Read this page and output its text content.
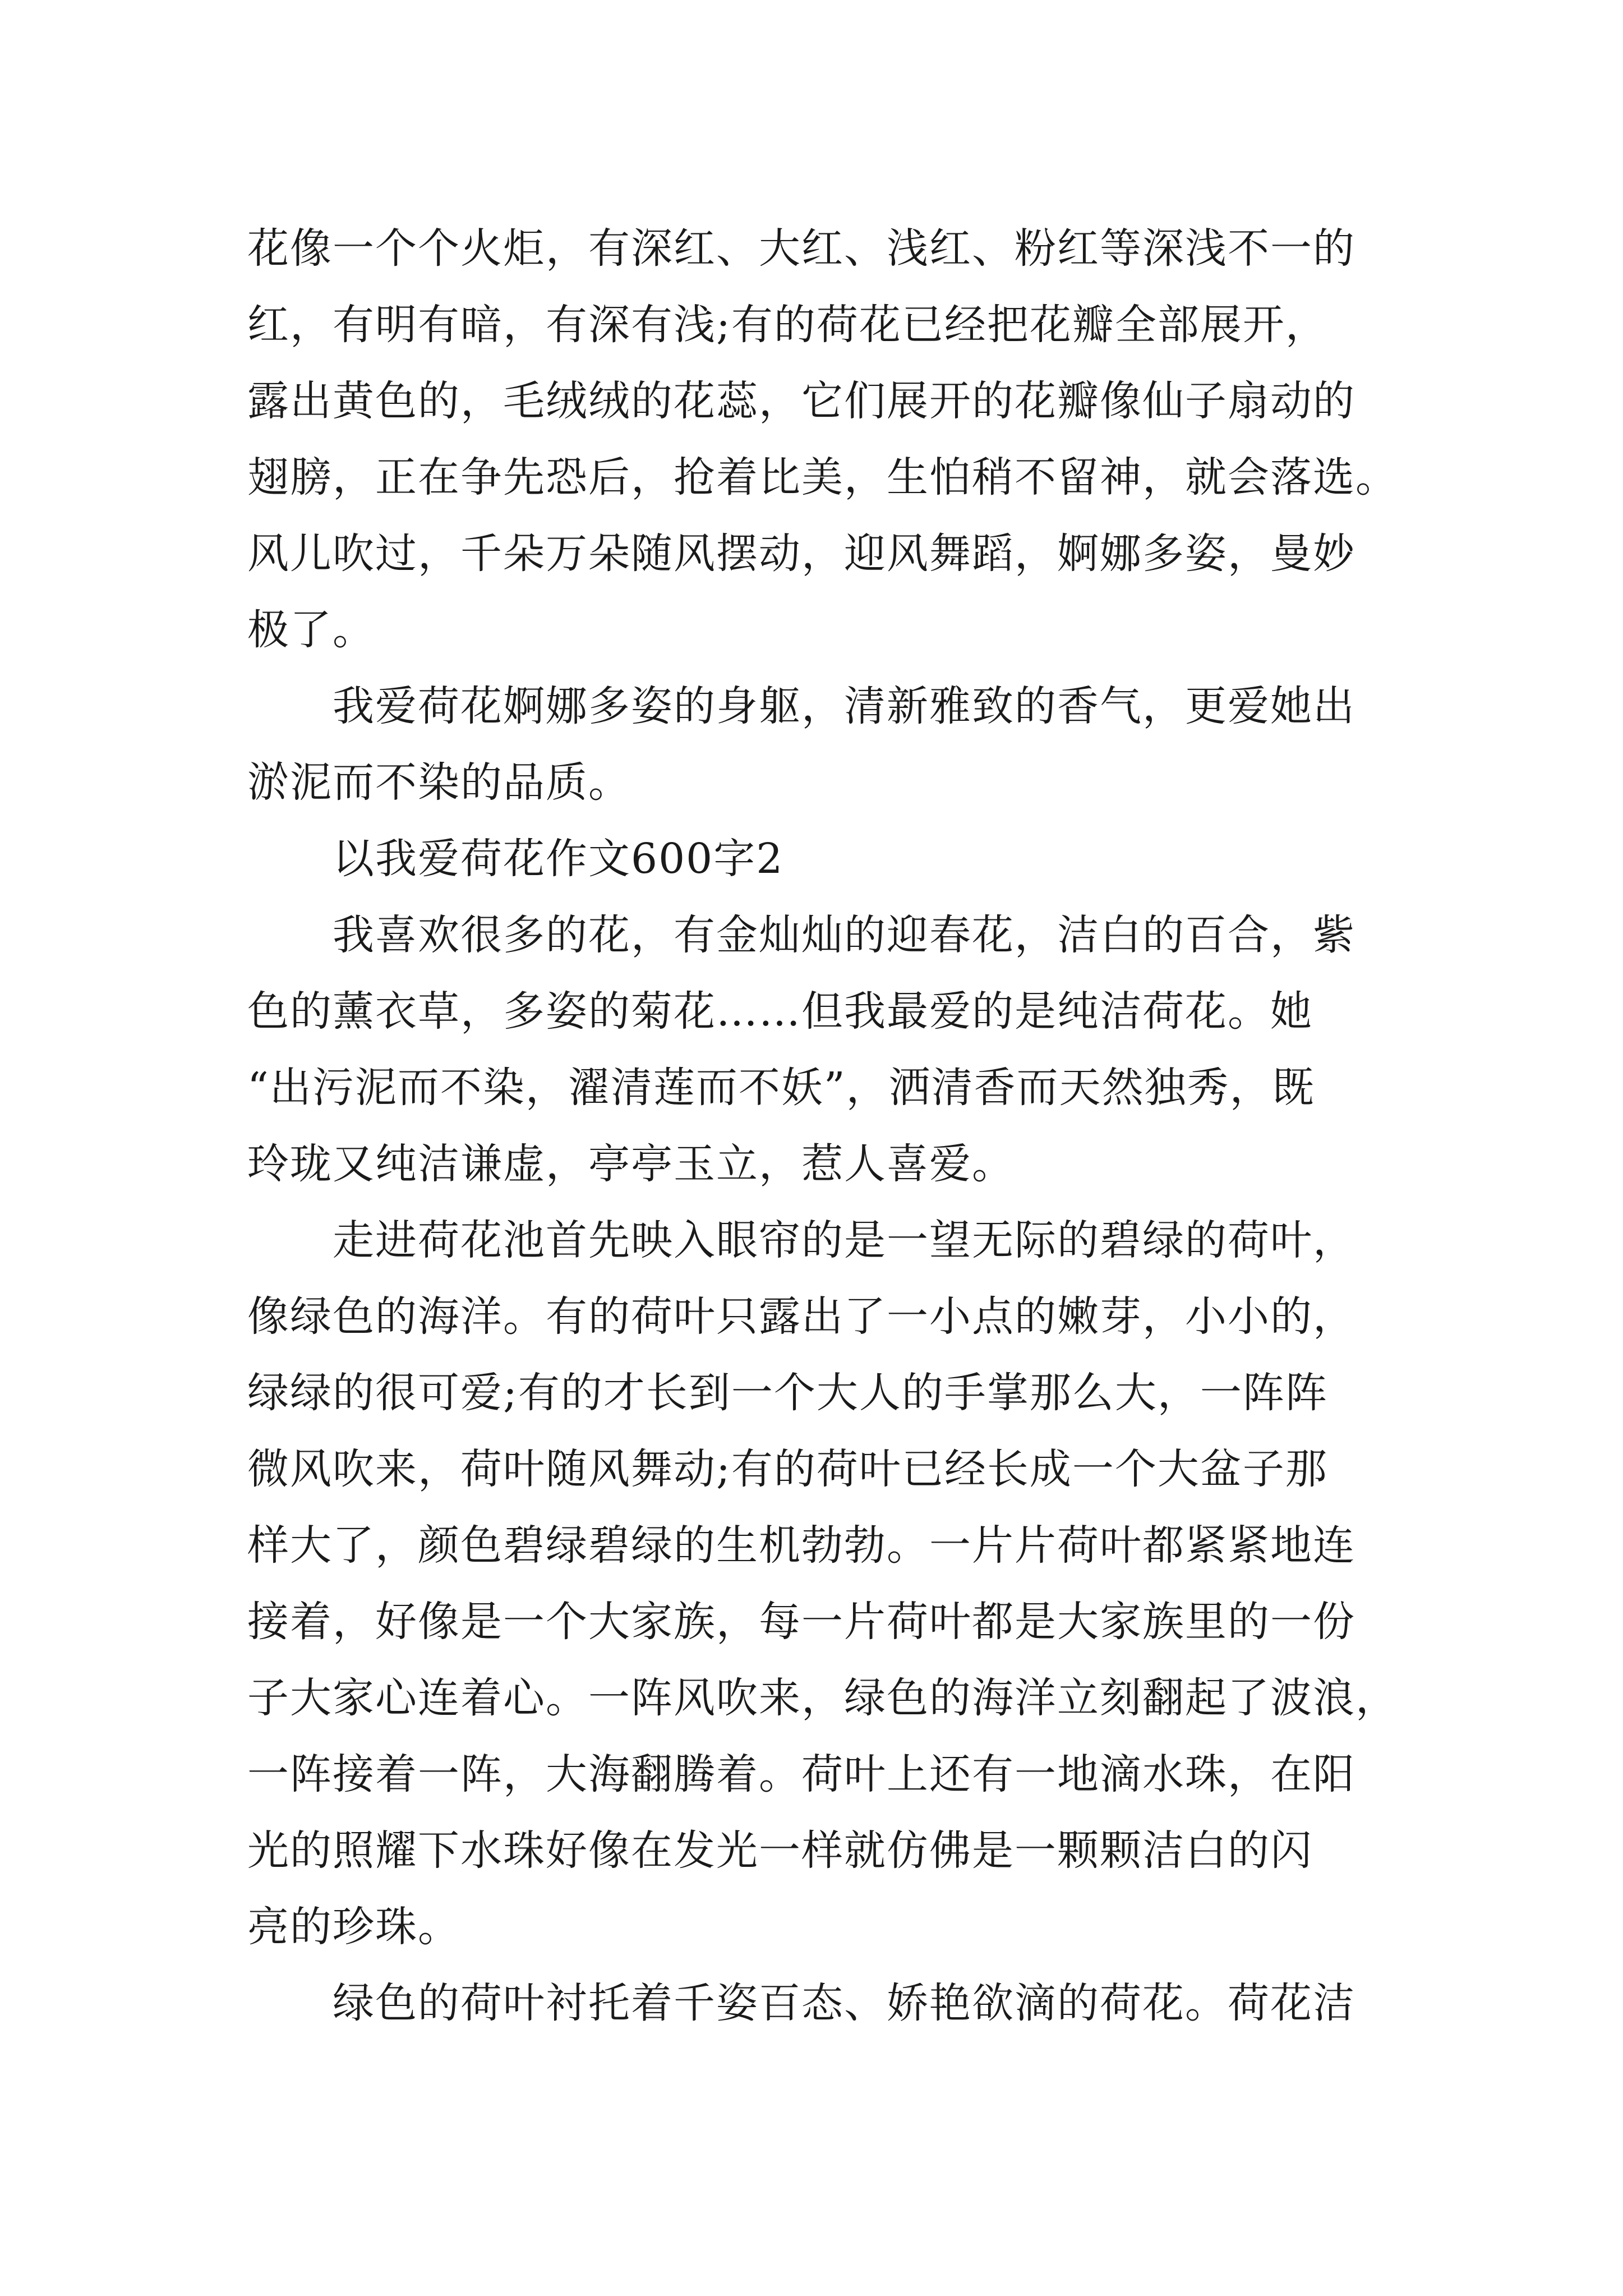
花像一个个火炬，有深红、大红、浅红、粉红等深浅不一的
红，有明有暗，有深有浅;有的荷花已经把花瓣全部展开，
露出黄色的，毛绒绒的花蕊，它们展开的花瓣像仙子扇动的
翅膀，正在争先恐后，抢着比美，生怕稍不留神，就会落选。
风儿吹过，千朵万朵随风摆动，迎风舞蹈，婀娜多姿，曼妙
极了。
我爱荷花婀娜多姿的身躯，清新雅致的香气，更爱她出
淤泥而不染的品质。
以我爱荷花作文600字2
我喜欢很多的花，有金灿灿的迎春花，洁白的百合，紫
色的薰衣草，多姿的菊花……但我最爱的是纯洁荷花。她
“出污泥而不染，濯清莲而不妖”，洒清香而天然独秀，既
玲珑又纯洁谦虚，亭亭玉立，惹人喜爱。
走进荷花池首先映入眼帘的是一望无际的碧绿的荷叶，
像绿色的海洋。有的荷叶只露出了一小点的嫩芽，小小的，
绿绿的很可爱;有的才长到一个大人的手掌那么大，一阵阵
微风吹来，荷叶随风舞动;有的荷叶已经长成一个大盆子那
样大了，颜色碧绿碧绿的生机勃勃。一片片荷叶都紧紧地连
接着，好像是一个大家族，每一片荷叶都是大家族里的一份
子大家心连着心。一阵风吹来，绿色的海洋立刻翻起了波浪，
一阵接着一阵，大海翻腾着。荷叶上还有一地滴水珠，在阳
光的照耀下水珠好像在发光一样就仿佛是一颗颗洁白的闪
亮的珍珠。
绿色的荷叶衬托着千姿百态、娇艳欲滴的荷花。荷花洁
